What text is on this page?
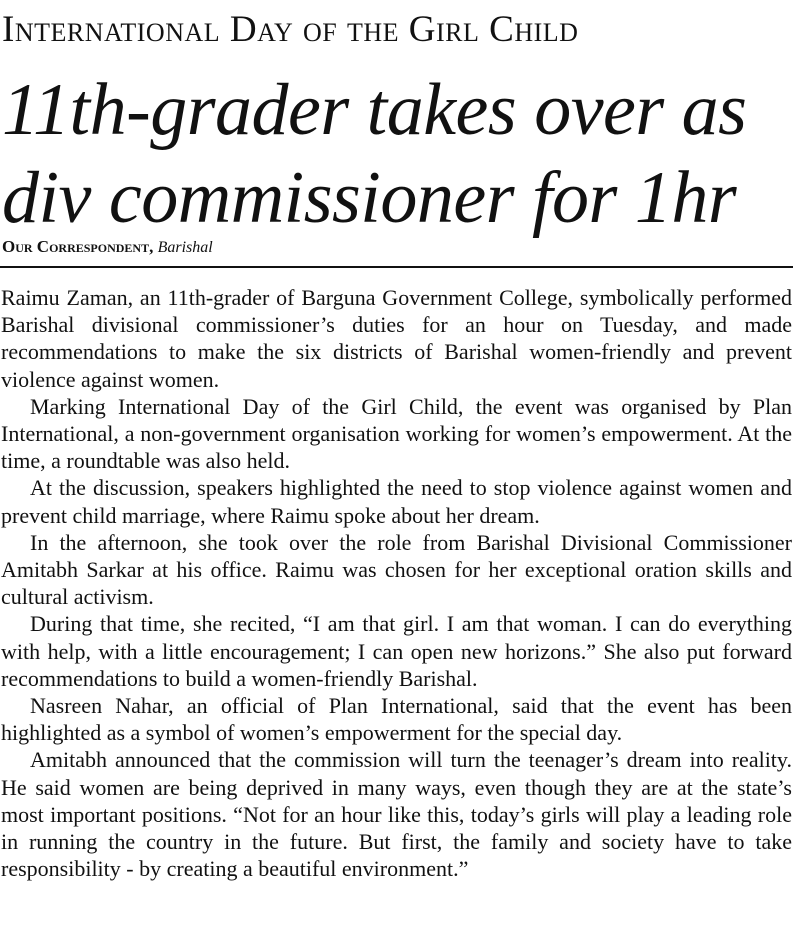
International Day of the Girl Child
11th-grader takes over as
div commissioner for 1hr
Our Correspondent, Barishal

Raimu Zaman, an 11th-grader of Barguna Government College, symbolically performed Barishal divisional commissioner’s duties for an hour on Tuesday, and made recommendations to make the six districts of Barishal women-friendly and prevent violence against women.

Marking International Day of the Girl Child, the event was organised by Plan International, a non-government organisation working for women’s empowerment. At the time, a roundtable was also held.

At the discussion, speakers highlighted the need to stop violence against women and prevent child marriage, where Raimu spoke about her dream.

In the afternoon, she took over the role from Barishal Divisional Commissioner Amitabh Sarkar at his office. Raimu was chosen for her exceptional oration skills and cultural activism.

During that time, she recited, “I am that girl. I am that woman. I can do everything with help, with a little encouragement; I can open new horizons.” She also put forward recommendations to build a women-friendly Barishal.

Nasreen Nahar, an official of Plan International, said that the event has been highlighted as a symbol of women’s empowerment for the special day.

Amitabh announced that the commission will turn the teenager’s dream into reality. He said women are being deprived in many ways, even though they are at the state’s most important positions. “Not for an hour like this, today’s girls will play a leading role in running the country in the future. But first, the family and society have to take responsibility - by creating a beautiful environment.”
